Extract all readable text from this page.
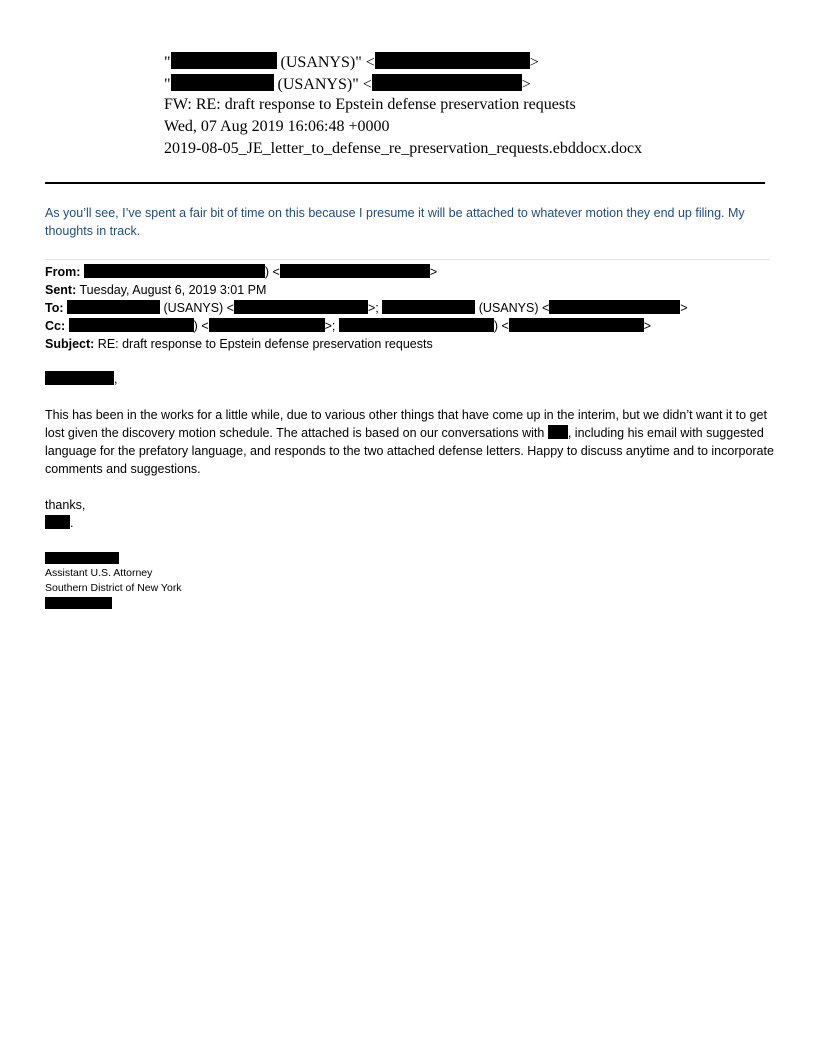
"	(USANYS)" <	>
"	(USANYS)" <	>
FW: RE: draft response to Epstein defense preservation requests
Wed, 07 Aug 2019 16:06:48 +0000
2019-08-05_JE_letter_to_defense_re_preservation_requests.ebddocx.docx
As you’ll see, I’ve spent a fair bit of time on this because I presume it will be attached to whatever motion they end up filing. My thoughts in track.
From:	) <	>
Sent: Tuesday, August 6, 2019 3:01 PM
To:	(USANYS) <	>;	(USANYS) <	>
Cc:	) <	>;	) <	>
Subject: RE: draft response to Epstein defense preservation requests
,
This has been in the works for a little while, due to various other things that have come up in the interim, but we didn’t want it to get lost given the discovery motion schedule. The attached is based on our conversations with , including his email with suggested language for the prefatory language, and responds to the two attached defense letters. Happy to discuss anytime and to incorporate comments and suggestions.
thanks,
.
Assistant U.S. Attorney
Southern District of New York
